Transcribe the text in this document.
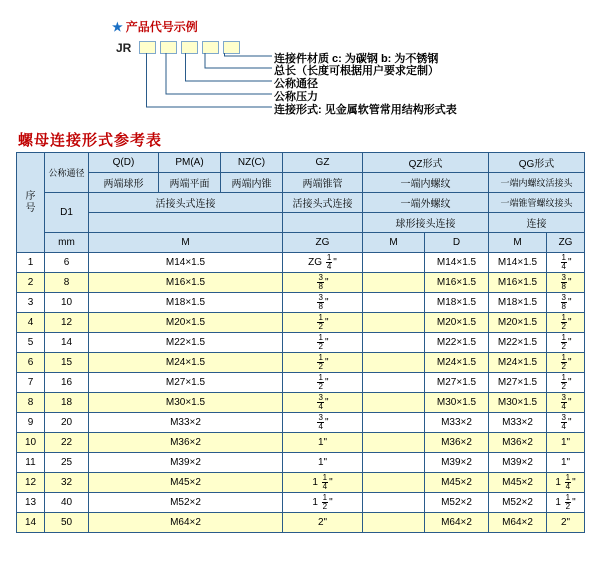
★ 产品代号示例
JR
连接件材质 c: 为碳钢 b: 为不锈钢
总长（长度可根据用户要求定制）
公称通径
公称压力
连接形式: 见金属软管常用结构形式表
螺母连接形式参考表
序
号	公称通径	Q(D)	PM(A)	NZ(C)	GZ	QZ形式		QG形式	
		两端球形	两端平面	两端内锥	两端锥管	一端内螺纹		一端内螺纹活接头	
	D1	活接头式连接			活接头式连接	一端外螺纹		一端锥管螺纹接头	
						球形接头连接		连接	
	mm	M			ZG	M	D	M	ZG
1	6	M14×1.5			ZG $\frac{1}{4}$ "		M14×1.5	M14×1.5	$\frac{1}{4}$ "
2	8	M16×1.5			$\frac{3}{8}$ "		M16×1.5	M16×1.5	$\frac{3}{8}$ "
3	10	M18×1.5			$\frac{3}{8}$ "		M18×1.5	M18×1.5	$\frac{3}{8}$ "
4	12	M20×1.5			$\frac{1}{2}$ "		M20×1.5	M20×1.5	$\frac{1}{2}$ "
5	14	M22×1.5			$\frac{1}{2}$ "		M22×1.5	M22×1.5	$\frac{1}{2}$ "
6	15	M24×1.5			$\frac{1}{2}$ "		M24×1.5	M24×1.5	$\frac{1}{2}$ "
7	16	M27×1.5			$\frac{1}{2}$ "		M27×1.5	M27×1.5	$\frac{1}{2}$ "
8	18	M30×1.5			$\frac{3}{4}$ "		M30×1.5	M30×1.5	$\frac{3}{4}$ "
9	20	M33×2			$\frac{3}{4}$ "		M33×2	M33×2	$\frac{3}{4}$ "
10	22	M36×2			1"		M36×2	M36×2	1"
11	25	M39×2			1"		M39×2	M39×2	1"
12	32	M45×2			$1 \frac{1}{4}$ "		M45×2	M45×2	$1 \frac{1}{4}$ "
13	40	M52×2			$1 \frac{1}{2}$ "		M52×2	M52×2	$1 \frac{1}{2}$ "
14	50	M64×2			2"		M64×2	M64×2	2"
